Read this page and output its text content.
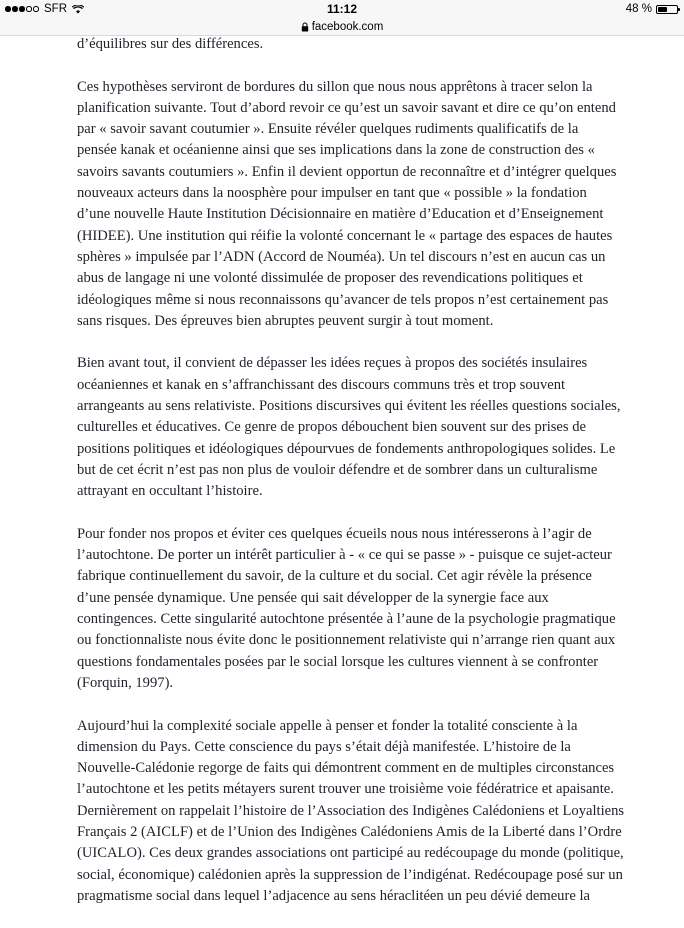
SFR	11:12	48 %
facebook.com

d’équilibres sur des différences.

Ces hypothèses serviront de bordures du sillon que nous nous apprêtons à tracer selon la
planification suivante. Tout d’abord revoir ce qu’est un savoir savant et dire ce qu’on entend
par « savoir savant coutumier ». Ensuite révéler quelques rudiments qualificatifs de la
pensée kanak et océanienne ainsi que ses implications dans la zone de construction des «
savoirs savants coutumiers ». Enfin il devient opportun de reconnaître et d’intégrer quelques
nouveaux acteurs dans la noosphère pour impulser en tant que « possible » la fondation
d’une nouvelle Haute Institution Décisionnaire en matière d’Education et d’Enseignement
(HIDEE). Une institution qui réifie la volonté concernant le « partage des espaces de hautes
sphères » impulsée par l’ADN (Accord de Nouméa). Un tel discours n’est en aucun cas un
abus de langage ni une volonté dissimulée de proposer des revendications politiques et
idéologiques même si nous reconnaissons qu’avancer de tels propos n’est certainement pas
sans risques. Des épreuves bien abruptes peuvent surgir à tout moment.

Bien avant tout, il convient de dépasser les idées reçues à propos des sociétés insulaires
océaniennes et kanak en s’affranchissant des discours communs très et trop souvent
arrangeants au sens relativiste. Positions discursives qui évitent les réelles questions sociales,
culturelles et éducatives. Ce genre de propos débouchent bien souvent sur des prises de
positions politiques et idéologiques dépourvues de fondements anthropologiques solides. Le
but de cet écrit n’est pas non plus de vouloir défendre et de sombrer dans un culturalisme
attrayant en occultant l’histoire.

Pour fonder nos propos et éviter ces quelques écueils nous nous intéresserons à l’agir de
l’autochtone. De porter un intérêt particulier à - « ce qui se passe » - puisque ce sujet-acteur
fabrique continuellement du savoir, de la culture et du social. Cet agir révèle la présence
d’une pensée dynamique. Une pensée qui sait développer de la synergie face aux
contingences. Cette singularité autochtone présentée à l’aune de la psychologie pragmatique
ou fonctionnaliste nous évite donc le positionnement relativiste qui n’arrange rien quant aux
questions fondamentales posées par le social lorsque les cultures viennent à se confronter
(Forquin, 1997).

Aujourd’hui la complexité sociale appelle à penser et fonder la totalité consciente à la
dimension du Pays. Cette conscience du pays s’était déjà manifestée. L’histoire de la
Nouvelle-Calédonie regorge de faits qui démontrent comment en de multiples circonstances
l’autochtone et les petits métayers surent trouver une troisième voie fédératrice et apaisante.
Dernièrement on rappelait l’histoire de l’Association des Indigènes Calédoniens et Loyaltiens
Français 2 (AICLF) et de l’Union des Indigènes Calédoniens Amis de la Liberté dans l’Ordre
(UICALO). Ces deux grandes associations ont participé au redécoupage du monde (politique,
social, économique) calédonien après la suppression de l’indigénat. Redécoupage posé sur un
pragmatisme social dans lequel l’adjacence au sens héraclitéen un peu dévié demeure la
